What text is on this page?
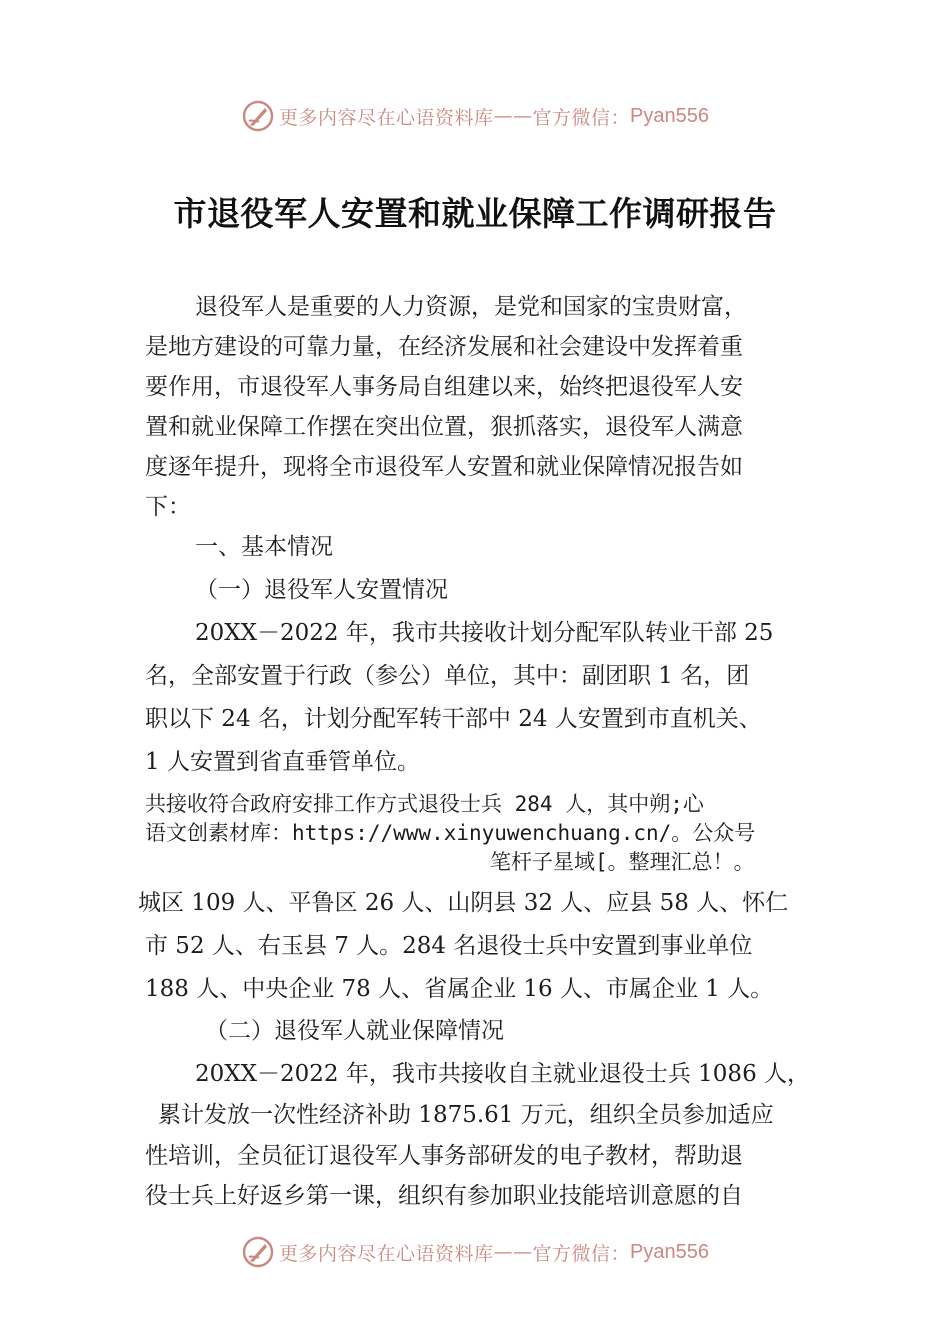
更多内容尽在心语资料库 —— 官方微信： Pyan556
市退役军人安置和就业保障工作调研报告
退役军人是重要的人力资源，是党和国家的宝贵财富，
是地方建设的可靠力量，在经济发展和社会建设中发挥着重
要作用，市退役军人事务局自组建以来，始终把退役军人安
置和就业保障工作摆在突出位置，狠抓落实，退役军人满意
度逐年提升，现将全市退役军人安置和就业保障情况报告如
下：
一、基本情况
（一）退役军人安置情况
20XX－2022 年，我市共接收计划分配军队转业干部 25
名，全部安置于行政（参公）单位，其中：副团职 1 名，团
职以下 24 名，计划分配军转干部中 24 人安置到市直机关、
1 人安置到省直垂管单位。
共接收符合政府安排工作方式退役士兵 284 人，其中朔;心
语文创素材库：https://www.xinyuwenchuang.cn/。公众号
笔杆子星域[。整理汇总！。
城区 109 人、平鲁区 26 人、山阴县 32 人、应县 58 人、怀仁
市 52 人、右玉县 7 人。284 名退役士兵中安置到事业单位
188 人、中央企业 78 人、省属企业 16 人、市属企业 1 人。
（二）退役军人就业保障情况
20XX－2022 年，我市共接收自主就业退役士兵 1086 人，
累计发放一次性经济补助 1875.61 万元，组织全员参加适应
性培训，全员征订退役军人事务部研发的电子教材，帮助退
役士兵上好返乡第一课，组织有参加职业技能培训意愿的自
更多内容尽在心语资料库 —— 官方微信： Pyan556
